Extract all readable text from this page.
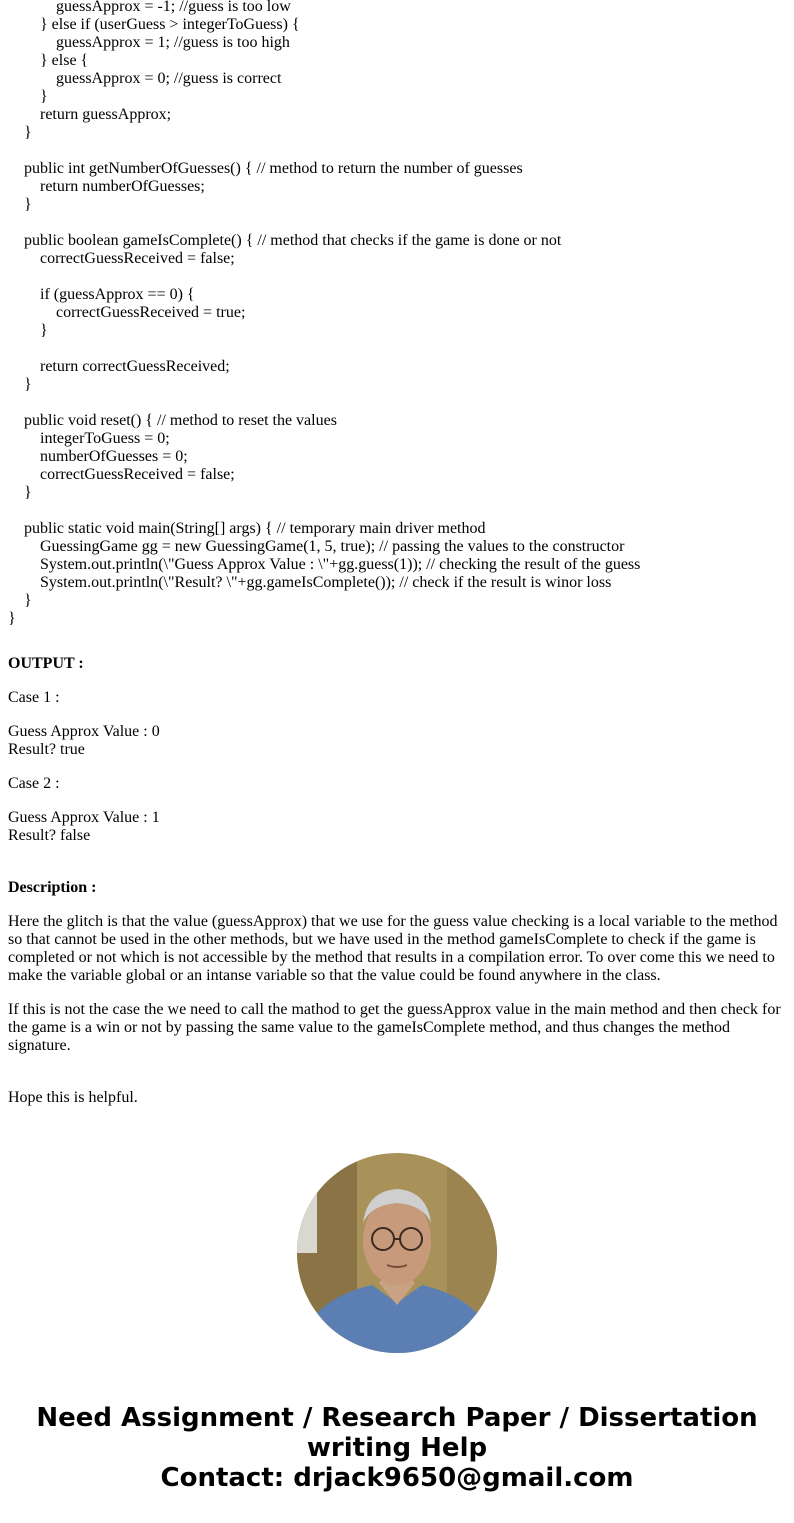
guessApprox = -1; //guess is too low
} else if (userGuess > integerToGuess) {
guessApprox = 1; //guess is too high
} else {
guessApprox = 0; //guess is correct
}
return guessApprox;
}
public int getNumberOfGuesses() { // method to return the number of guesses
return numberOfGuesses;
}
public boolean gameIsComplete() { // method that checks if the game is done or not
correctGuessReceived = false;
if (guessApprox == 0) {
correctGuessReceived = true;
}
return correctGuessReceived;
}
public void reset() { // method to reset the values
integerToGuess = 0;
numberOfGuesses = 0;
correctGuessReceived = false;
}
public static void main(String[] args) { // temporary main driver method
GuessingGame gg = new GuessingGame(1, 5, true); // passing the values to the constructor
System.out.println(\"Guess Approx Value : \"+gg.guess(1)); // checking the result of the guess
System.out.println(\"Result? \"+gg.gameIsComplete()); // check if the result is winor loss
}
}
OUTPUT :
Case 1 :
Guess Approx Value : 0
Result? true
Case 2 :
Guess Approx Value : 1
Result? false
Description :
Here the glitch is that the value (guessApprox) that we use for the guess value checking is a local variable to the method so that cannot be used in the other methods, but we have used in the method gameIsComplete to check if the game is completed or not which is not accessible by the method that results in a compilation error. To over come this we need to make the variable global or an intanse variable so that the value could be found anywhere in the class.
If this is not the case the we need to call the mathod to get the guessApprox value in the main method and then check for the game is a win or not by passing the same value to the gameIsComplete method, and thus changes the method signature.
Hope this is helpful.
Need Assignment / Research Paper / Dissertation
writing Help
Contact: drjack9650@gmail.com
